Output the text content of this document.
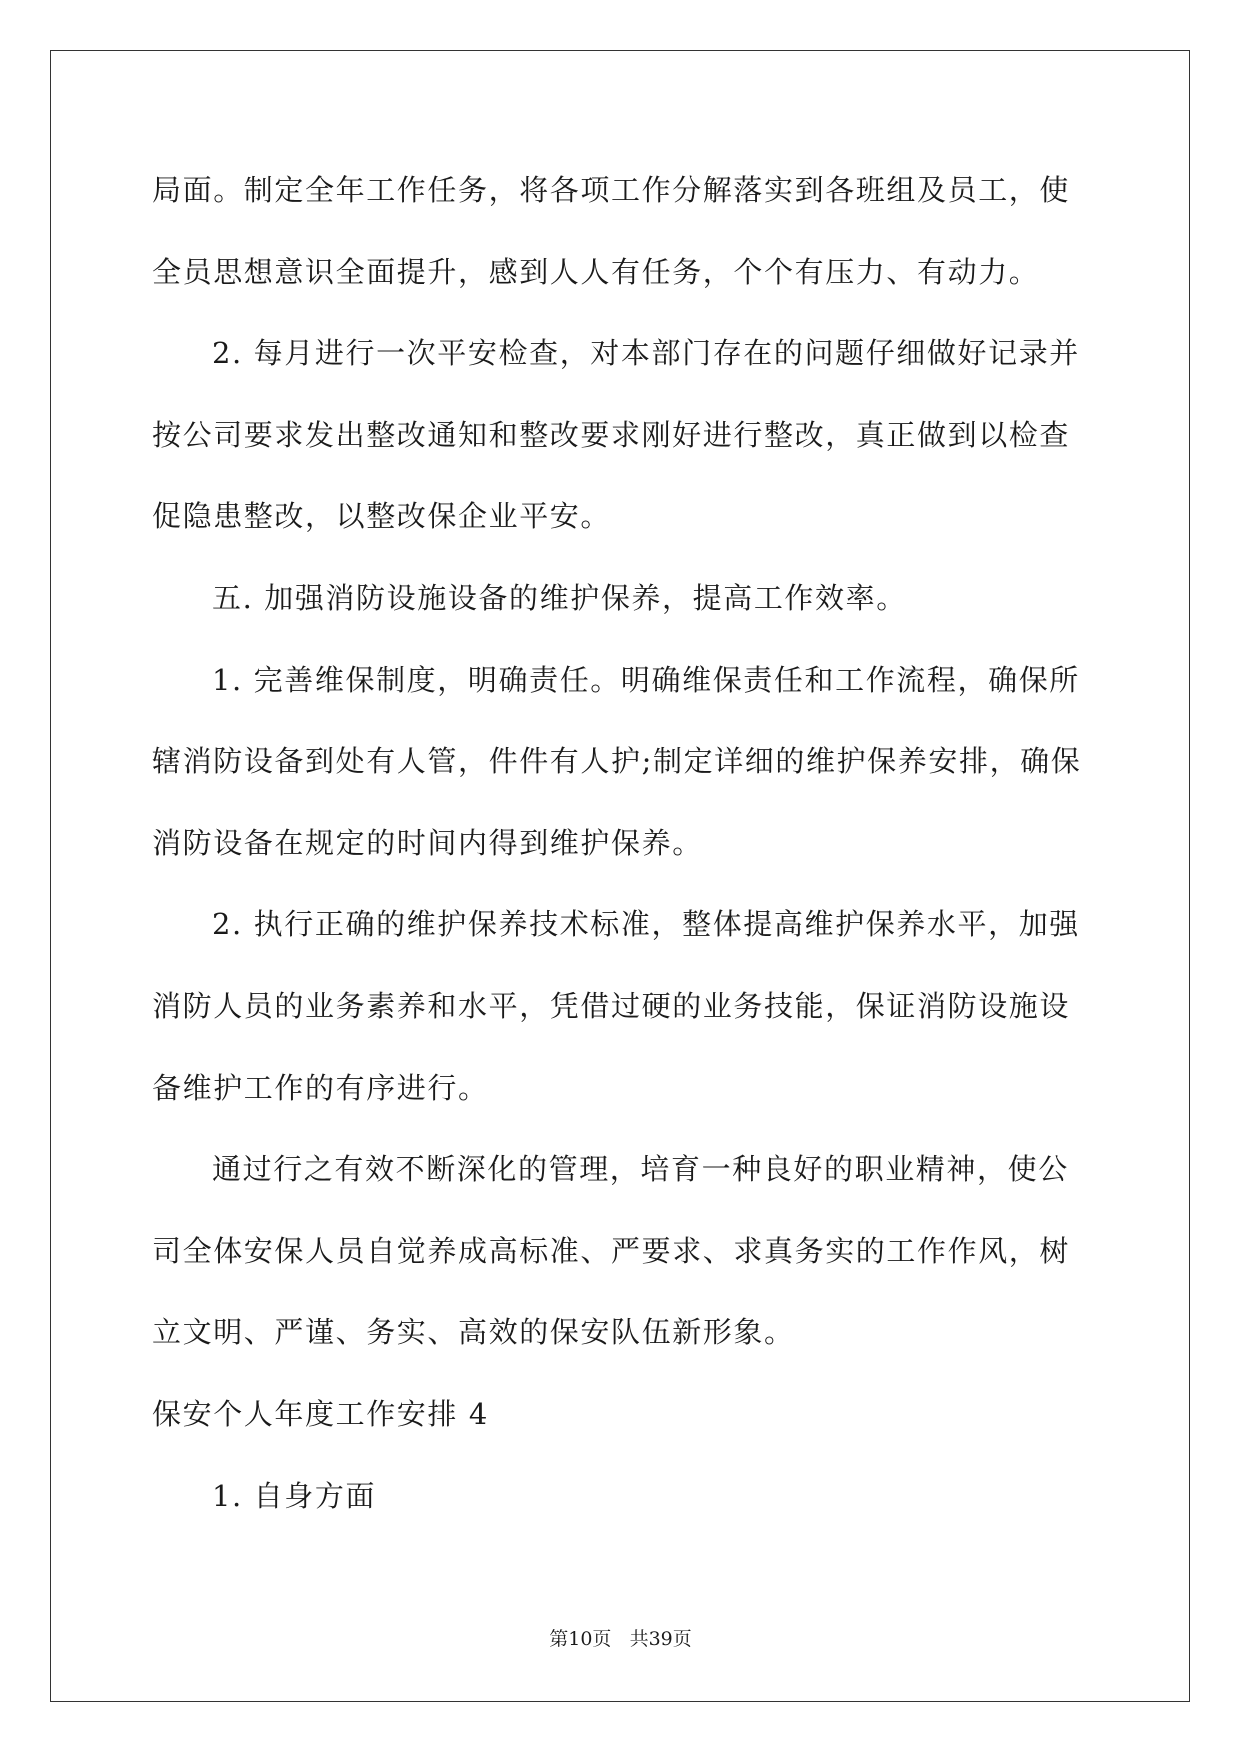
局面。制定全年工作任务，将各项工作分解落实到各班组及员工，使
全员思想意识全面提升，感到人人有任务，个个有压力、有动力。
2. 每月进行一次平安检查，对本部门存在的问题仔细做好记录并
按公司要求发出整改通知和整改要求刚好进行整改，真正做到以检查
促隐患整改，以整改保企业平安。
五. 加强消防设施设备的维护保养，提高工作效率。
1. 完善维保制度，明确责任。明确维保责任和工作流程，确保所
辖消防设备到处有人管，件件有人护;制定详细的维护保养安排，确保
消防设备在规定的时间内得到维护保养。
2. 执行正确的维护保养技术标准，整体提高维护保养水平，加强
消防人员的业务素养和水平，凭借过硬的业务技能，保证消防设施设
备维护工作的有序进行。
通过行之有效不断深化的管理，培育一种良好的职业精神，使公
司全体安保人员自觉养成高标准、严要求、求真务实的工作作风，树
立文明、严谨、务实、高效的保安队伍新形象。
保安个人年度工作安排 4
1. 自身方面
第10页 共39页
